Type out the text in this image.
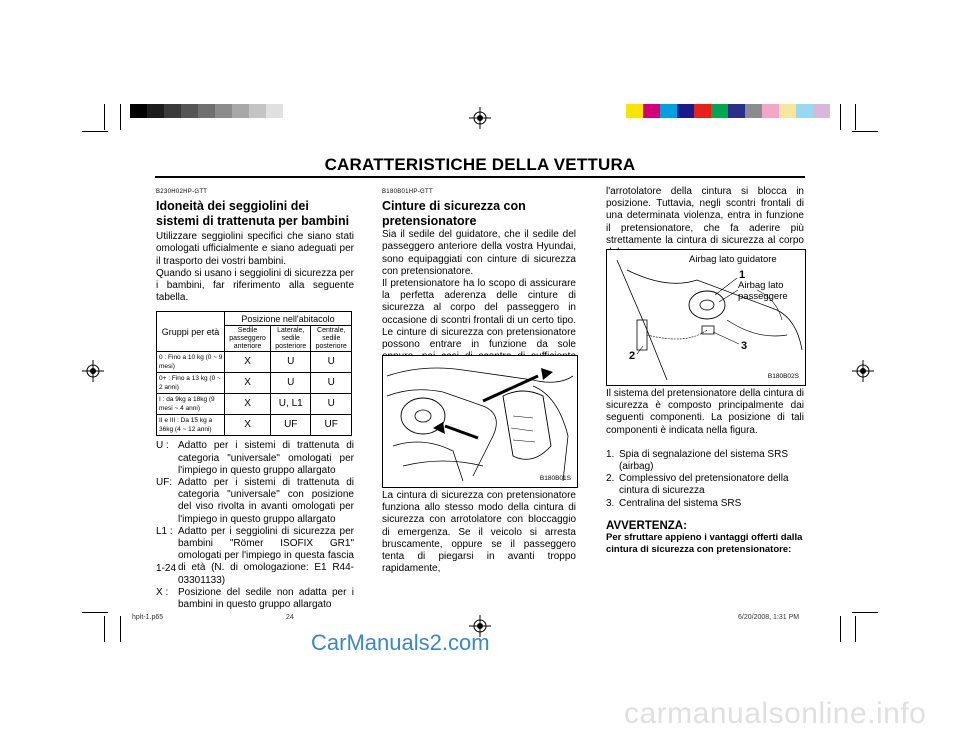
CARATTERISTICHE DELLA VETTURA
B230H02HP-GTT
Idoneità dei seggiolini dei sistemi di trattenuta per bambini
Utilizzare seggiolini specifici che siano stati omologati ufficialmente e siano adeguati per il trasporto dei vostri bambini.
Quando si usano i seggiolini di sicurezza per i bambini, far riferimento alla seguente tabella.
Gruppi per età	Posizione nell'abitacolo		
	Sedile passeggero anteriore	Laterale, sedile posteriore	Centrale, sedile posteriore
0 : Fino a 10 kg (0 ~ 9 mesi)	X	U	U
0+ : Fino a 13 kg (0 ~ 2 anni)	X	U	U
I : da 9kg a 18kg (9 mesi ~ 4 anni)	X	U, L1	U
II e III : Da 15 kg a 36kg (4 ~ 12 anni)	X	UF	UF
U : Adatto per i sistemi di trattenuta di categoria "universale" omologati per l'impiego in questo gruppo allargato
UF: Adatto per i sistemi di trattenuta di categoria "universale" con posizione del viso rivolta in avanti omologati per l'impiego in questo gruppo allargato
L1 : Adatto per i seggiolini di sicurezza per bambini "Römer ISOFIX GR1" omologati per l'impiego in questa fascia di età (N. di omologazione: E1 R44-03301133)
X : Posizione del sedile non adatta per i bambini in questo gruppo allargato
1-24
B180B01HP-GTT
Cinture di sicurezza con pretensionatore
Sia il sedile del guidatore, che il sedile del passeggero anteriore della vostra Hyundai, sono equipaggiati con cinture di sicurezza con pretensionatore.
Il pretensionatore ha lo scopo di assicurare la perfetta aderenza delle cinture di sicurezza al corpo del passeggero in occasione di scontri frontali di un certo tipo. Le cinture di sicurezza con pretensionatore possono entrare in funzione da sole
B180B01S
La cintura di sicurezza con pretensionatore funziona allo stesso modo della cintura di sicurezza con arrotolatore con bloccaggio di emergenza. Se il veicolo si arresta bruscamente, oppure se il passeggero tenta di piegarsi in avanti troppo rapidamente,
l'arrotolatore della cintura si blocca in posizione. Tuttavia, negli scontri frontali di una determinata violenza, entra in funzione il pretensionatore, che fa aderire più strettamente la cintura di sicurezza al corpo
Airbag lato guidatore
1
Airbag lato passeggere
2
3
B180B02S
Il sistema del pretensionatore della cintura di sicurezza è composto principalmente dai seguenti componenti. La posizione di tali componenti è indicata nella figura.
1. Spia di segnalazione del sistema SRS (airbag)
2. Complessivo del pretensionatore della cintura di sicurezza
3. Centralina del sistema SRS
AVVERTENZA:
Per sfruttare appieno i vantaggi offerti dalla cintura di sicurezza con pretensionatore:
hplt-1.p65	24	6/20/2008, 1:31 PM
CarManuals2.com
carmanualsonline.info
